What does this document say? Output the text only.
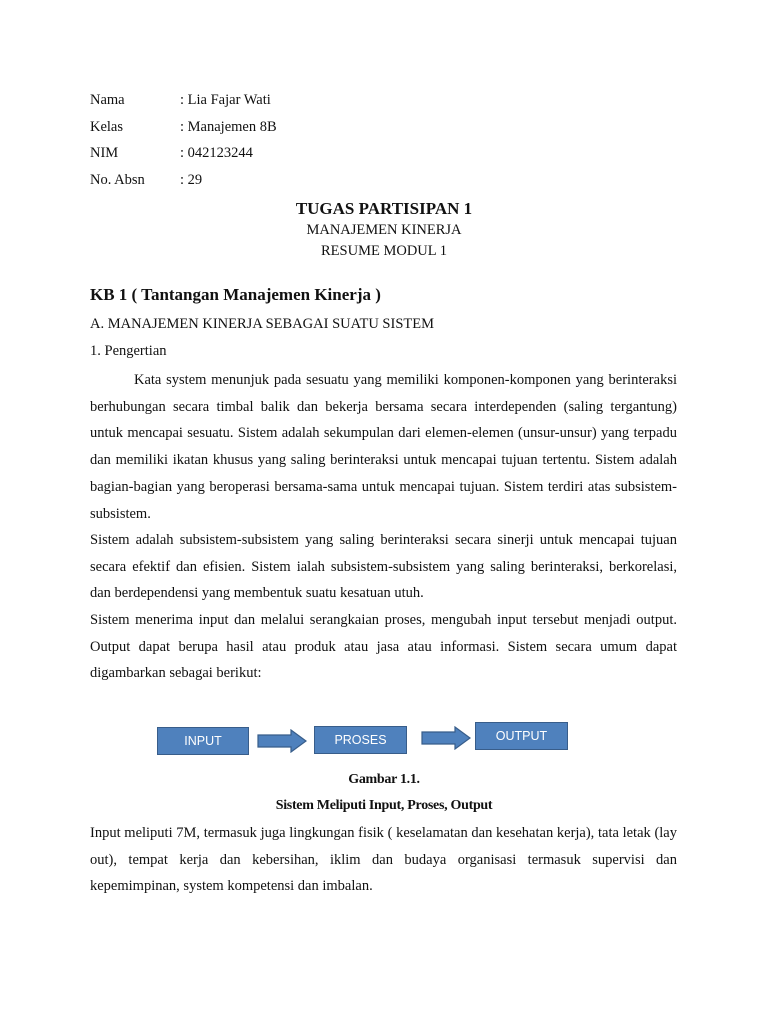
Nama	: Lia Fajar Wati
Kelas	: Manajemen 8B
NIM	: 042123244
No. Absn	: 29

TUGAS PARTISIPAN 1

MANAJEMEN KINERJA

RESUME MODUL 1

KB 1 ( Tantangan Manajemen Kinerja )

A. MANAJEMEN KINERJA SEBAGAI SUATU SISTEM

1. Pengertian

Kata system menunjuk pada sesuatu yang memiliki komponen-komponen yang berinteraksi berhubungan secara timbal balik dan bekerja bersama secara interdependen (saling tergantung) untuk mencapai sesuatu. Sistem adalah sekumpulan dari elemen-elemen (unsur-unsur) yang terpadu dan memiliki ikatan khusus yang saling berinteraksi untuk mencapai tujuan tertentu. Sistem adalah bagian-bagian yang beroperasi bersama-sama untuk mencapai tujuan. Sistem terdiri atas subsistem-subsistem.

Sistem adalah subsistem-subsistem yang saling berinteraksi secara sinerji untuk mencapai tujuan secara efektif dan efisien. Sistem ialah subsistem-subsistem yang saling berinteraksi, berkorelasi, dan berdependensi yang membentuk suatu kesatuan utuh.

Sistem menerima input dan melalui serangkaian proses, mengubah input tersebut menjadi output. Output dapat berupa hasil atau produk atau jasa atau informasi. Sistem secara umum dapat digambarkan sebagai berikut:

INPUT	PROSES	OUTPUT

Gambar 1.1.

Sistem Meliputi Input, Proses, Output

Input meliputi 7M, termasuk juga lingkungan fisik ( keselamatan dan kesehatan kerja), tata letak (lay out), tempat kerja dan kebersihan, iklim dan budaya organisasi termasuk supervisi dan kepemimpinan, system kompetensi dan imbalan.
